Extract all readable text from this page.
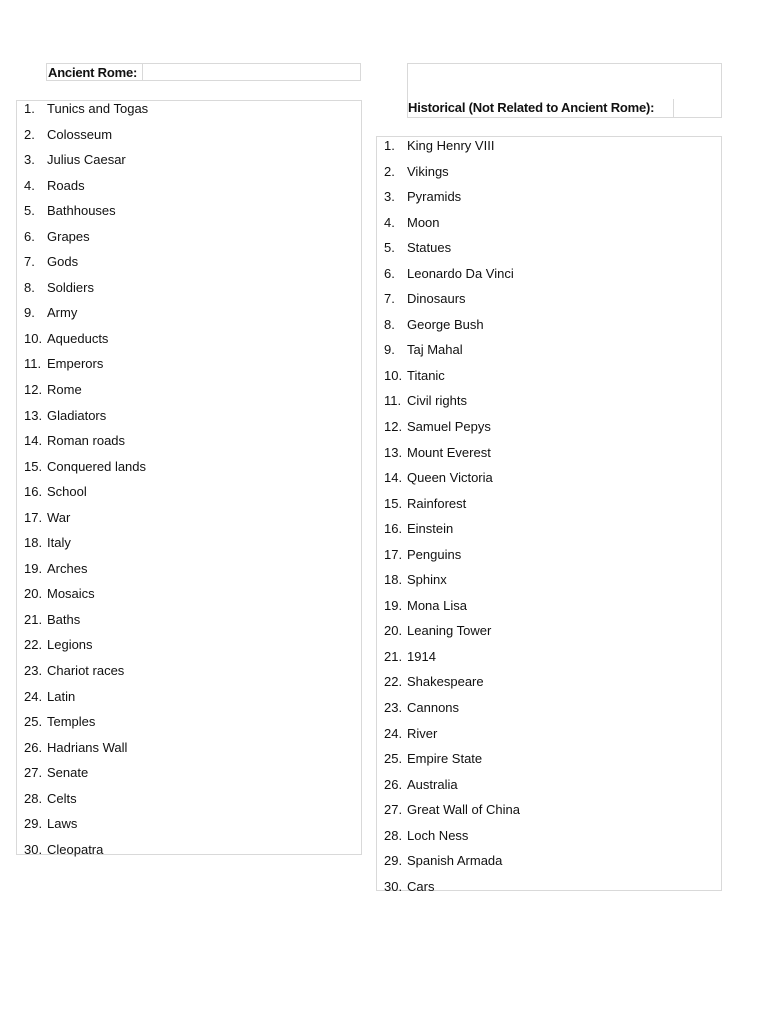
Ancient Rome:
Historical (Not Related to Ancient Rome):
1. Tunics and Togas
2. Colosseum
3. Julius Caesar
4. Roads
5. Bathhouses
6. Grapes
7. Gods
8. Soldiers
9. Army
10. Aqueducts
11. Emperors
12. Rome
13. Gladiators
14. Roman roads
15. Conquered lands
16. School
17. War
18. Italy
19. Arches
20. Mosaics
21. Baths
22. Legions
23. Chariot races
24. Latin
25. Temples
26. Hadrians Wall
27. Senate
28. Celts
29. Laws
30. Cleopatra
1. King Henry VIII
2. Vikings
3. Pyramids
4. Moon
5. Statues
6. Leonardo Da Vinci
7. Dinosaurs
8. George Bush
9. Taj Mahal
10. Titanic
11. Civil rights
12. Samuel Pepys
13. Mount Everest
14. Queen Victoria
15. Rainforest
16. Einstein
17. Penguins
18. Sphinx
19. Mona Lisa
20. Leaning Tower
21. 1914
22. Shakespeare
23. Cannons
24. River
25. Empire State
26. Australia
27. Great Wall of China
28. Loch Ness
29. Spanish Armada
30. Cars
